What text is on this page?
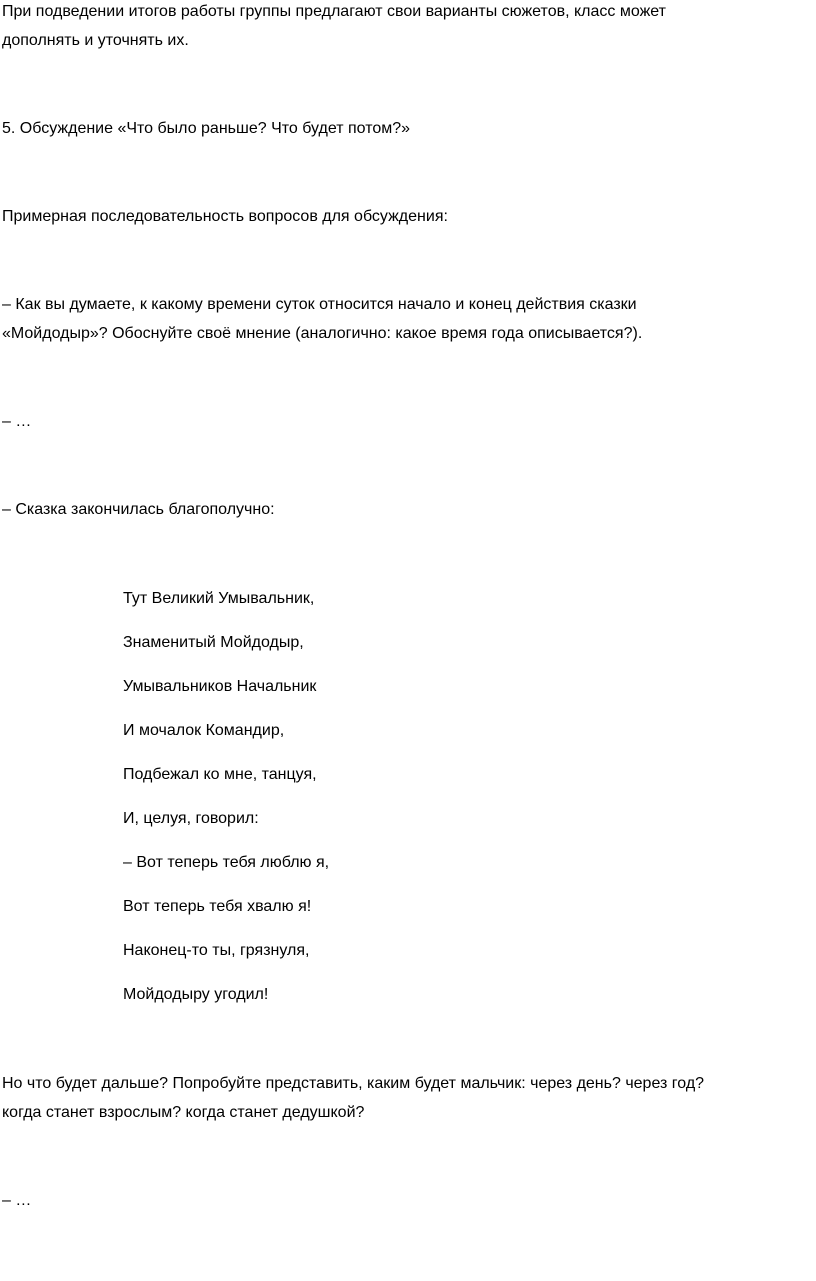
При подведении итогов работы группы предлагают свои варианты сюжетов, класс может

дополнять и уточнять их.

5. Обсуждение «Что было раньше? Что будет потом?»

Примерная последовательность вопросов для обсуждения:

– Как вы думаете, к какому времени суток относится начало и конец действия сказки

«Мойдодыр»? Обоснуйте своё мнение (аналогично: какое время года описывается?).

– …

– Сказка закончилась благополучно:

Тут Великий Умывальник,

Знаменитый Мойдодыр,

Умывальников Начальник

И мочалок Командир,

Подбежал ко мне, танцуя,

И, целуя, говорил:

– Вот теперь тебя люблю я,

Вот теперь тебя хвалю я!

Наконец-то ты, грязнуля,

Мойдодыру угодил!

Но что будет дальше? Попробуйте представить, каким будет мальчик: через день? через год?

когда станет взрослым? когда станет дедушкой?

– …
